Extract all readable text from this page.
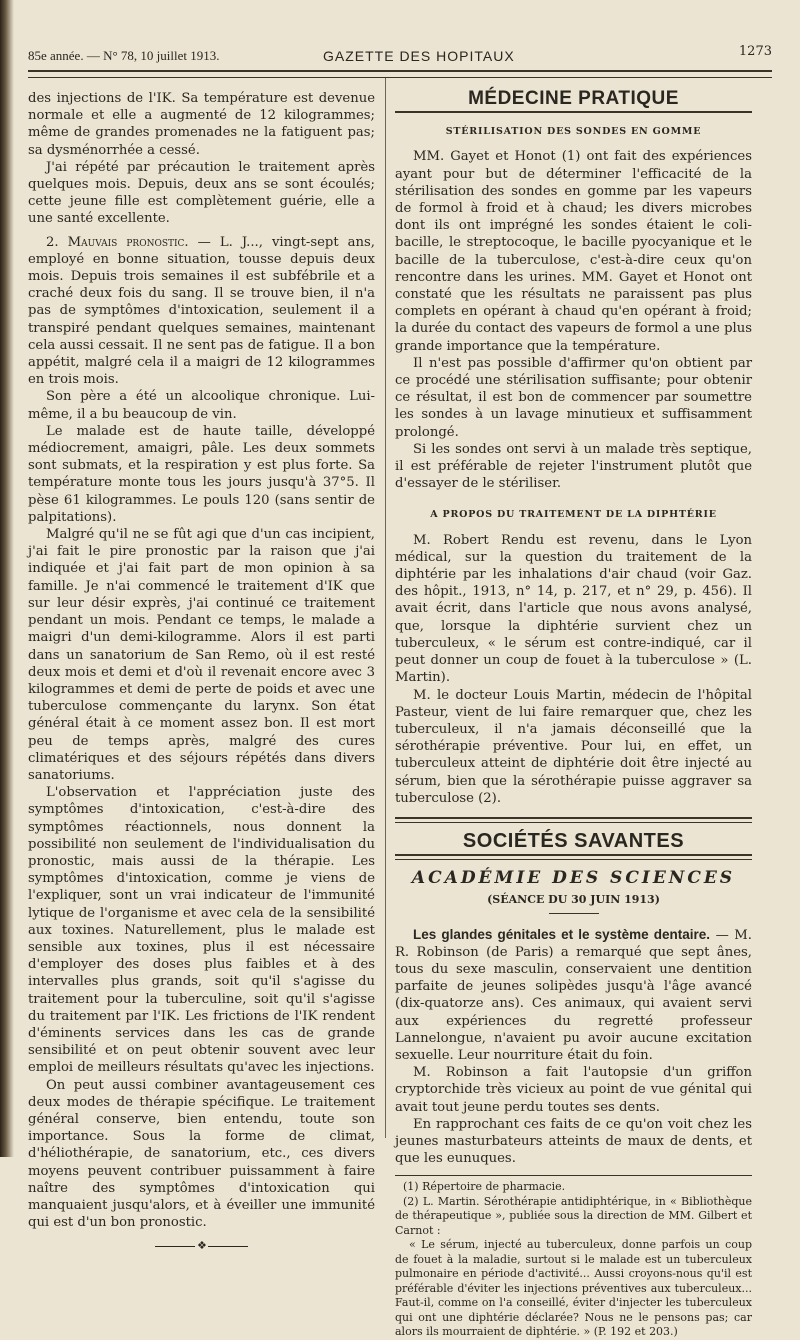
85e année. — N° 78, 10 juillet 1913.	GAZETTE DES HOPITAUX	1273

des injections de l'IK. Sa température est devenue normale et elle a augmenté de 12 kilogrammes; même de grandes promenades ne la fatiguent pas; sa dysménorrhée a cessé.

J'ai répété par précaution le traitement après quelques mois. Depuis, deux ans se sont écoulés; cette jeune fille est complètement guérie, elle a une santé excellente.

2. Mauvais pronostic. — L. J..., vingt-sept ans, employé en bonne situation, tousse depuis deux mois. Depuis trois semaines il est subfébrile et a craché deux fois du sang. Il se trouve bien, il n'a pas de symptômes d'intoxication, seulement il a transpiré pendant quelques semaines, maintenant cela aussi cessait. Il ne sent pas de fatigue. Il a bon appétit, malgré cela il a maigri de 12 kilogrammes en trois mois.

Son père a été un alcoolique chronique. Lui-même, il a bu beaucoup de vin.

Le malade est de haute taille, développé médiocrement, amaigri, pâle. Les deux sommets sont submats, et la respiration y est plus forte. Sa température monte tous les jours jusqu'à 37°5. Il pèse 61 kilogrammes. Le pouls 120 (sans sentir de palpitations).

Malgré qu'il ne se fût agi que d'un cas incipient, j'ai fait le pire pronostic par la raison que j'ai indiquée et j'ai fait part de mon opinion à sa famille. Je n'ai commencé le traitement d'IK que sur leur désir exprès, j'ai continué ce traitement pendant un mois. Pendant ce temps, le malade a maigri d'un demi-kilogramme. Alors il est parti dans un sanatorium de San Remo, où il est resté deux mois et demi et d'où il revenait encore avec 3 kilogrammes et demi de perte de poids et avec une tuberculose commençante du larynx. Son état général était à ce moment assez bon. Il est mort peu de temps après, malgré des cures climatériques et des séjours répétés dans divers sanatoriums.

L'observation et l'appréciation juste des symptômes d'intoxication, c'est-à-dire des symptômes réactionnels, nous donnent la possibilité non seulement de l'individualisation du pronostic, mais aussi de la thérapie. Les symptômes d'intoxication, comme je viens de l'expliquer, sont un vrai indicateur de l'immunité lytique de l'organisme et avec cela de la sensibilité aux toxines. Naturellement, plus le malade est sensible aux toxines, plus il est nécessaire d'employer des doses plus faibles et à des intervalles plus grands, soit qu'il s'agisse du traitement pour la tuberculine, soit qu'il s'agisse du traitement par l'IK. Les frictions de l'IK rendent d'éminents services dans les cas de grande sensibilité et on peut obtenir souvent avec leur emploi de meilleurs résultats qu'avec les injections.

On peut aussi combiner avantageusement ces deux modes de thérapie spécifique. Le traitement général conserve, bien entendu, toute son importance. Sous la forme de climat, d'héliothérapie, de sanatorium, etc., ces divers moyens peuvent contribuer puissamment à faire naître des symptômes d'intoxication qui manquaient jusqu'alors, et à éveiller une immunité qui est d'un bon pronostic.

❖
MÉDECINE PRATIQUE
STÉRILISATION DES SONDES EN GOMME

MM. Gayet et Honot (1) ont fait des expériences ayant pour but de déterminer l'efficacité de la stérilisation des sondes en gomme par les vapeurs de formol à froid et à chaud; les divers microbes dont ils ont imprégné les sondes étaient le coli-bacille, le streptocoque, le bacille pyocyanique et le bacille de la tuberculose, c'est-à-dire ceux qu'on rencontre dans les urines. MM. Gayet et Honot ont constaté que les résultats ne paraissent pas plus complets en opérant à chaud qu'en opérant à froid; la durée du contact des vapeurs de formol a une plus grande importance que la température.

Il n'est pas possible d'affirmer qu'on obtient par ce procédé une stérilisation suffisante; pour obtenir ce résultat, il est bon de commencer par soumettre les sondes à un lavage minutieux et suffisamment prolongé.

Si les sondes ont servi à un malade très septique, il est préférable de rejeter l'instrument plutôt que d'essayer de le stériliser.

A PROPOS DU TRAITEMENT DE LA DIPHTÉRIE

M. Robert Rendu est revenu, dans le Lyon médical, sur la question du traitement de la diphtérie par les inhalations d'air chaud (voir Gaz. des hôpit., 1913, n° 14, p. 217, et n° 29, p. 456). Il avait écrit, dans l'article que nous avons analysé, que, lorsque la diphtérie survient chez un tuberculeux, « le sérum est contre-indiqué, car il peut donner un coup de fouet à la tuberculose » (L. Martin).

M. le docteur Louis Martin, médecin de l'hôpital Pasteur, vient de lui faire remarquer que, chez les tuberculeux, il n'a jamais déconseillé que la sérothérapie préventive. Pour lui, en effet, un tuberculeux atteint de diphtérie doit être injecté au sérum, bien que la sérothérapie puisse aggraver sa tuberculose (2).

SOCIÉTÉS SAVANTES
ACADÉMIE DES SCIENCES
(SÉANCE DU 30 JUIN 1913)

Les glandes génitales et le système dentaire. — M. R. Robinson (de Paris) a remarqué que sept ânes, tous du sexe masculin, conservaient une dentition parfaite de jeunes solipèdes jusqu'à l'âge avancé (dix-quatorze ans). Ces animaux, qui avaient servi aux expériences du regretté professeur Lannelongue, n'avaient pu avoir aucune excitation sexuelle. Leur nourriture était du foin.

M. Robinson a fait l'autopsie d'un griffon cryptorchide très vicieux au point de vue génital qui avait tout jeune perdu toutes ses dents.

En rapprochant ces faits de ce qu'on voit chez les jeunes masturbateurs atteints de maux de dents, et que les eunuques.

(1) Répertoire de pharmacie.

(2) L. Martin. Sérothérapie antidiphtérique, in « Bibliothèque de thérapeutique », publiée sous la direction de MM. Gilbert et Carnot :

« Le sérum, injecté au tuberculeux, donne parfois un coup de fouet à la maladie, surtout si le malade est un tuberculeux pulmonaire en période d'activité... Aussi croyons-nous qu'il est préférable d'éviter les injections préventives aux tuberculeux... Faut-il, comme on l'a conseillé, éviter d'injecter les tuberculeux qui ont une diphtérie déclarée? Nous ne le pensons pas; car alors ils mourraient de diphtérie. » (P. 192 et 203.)
